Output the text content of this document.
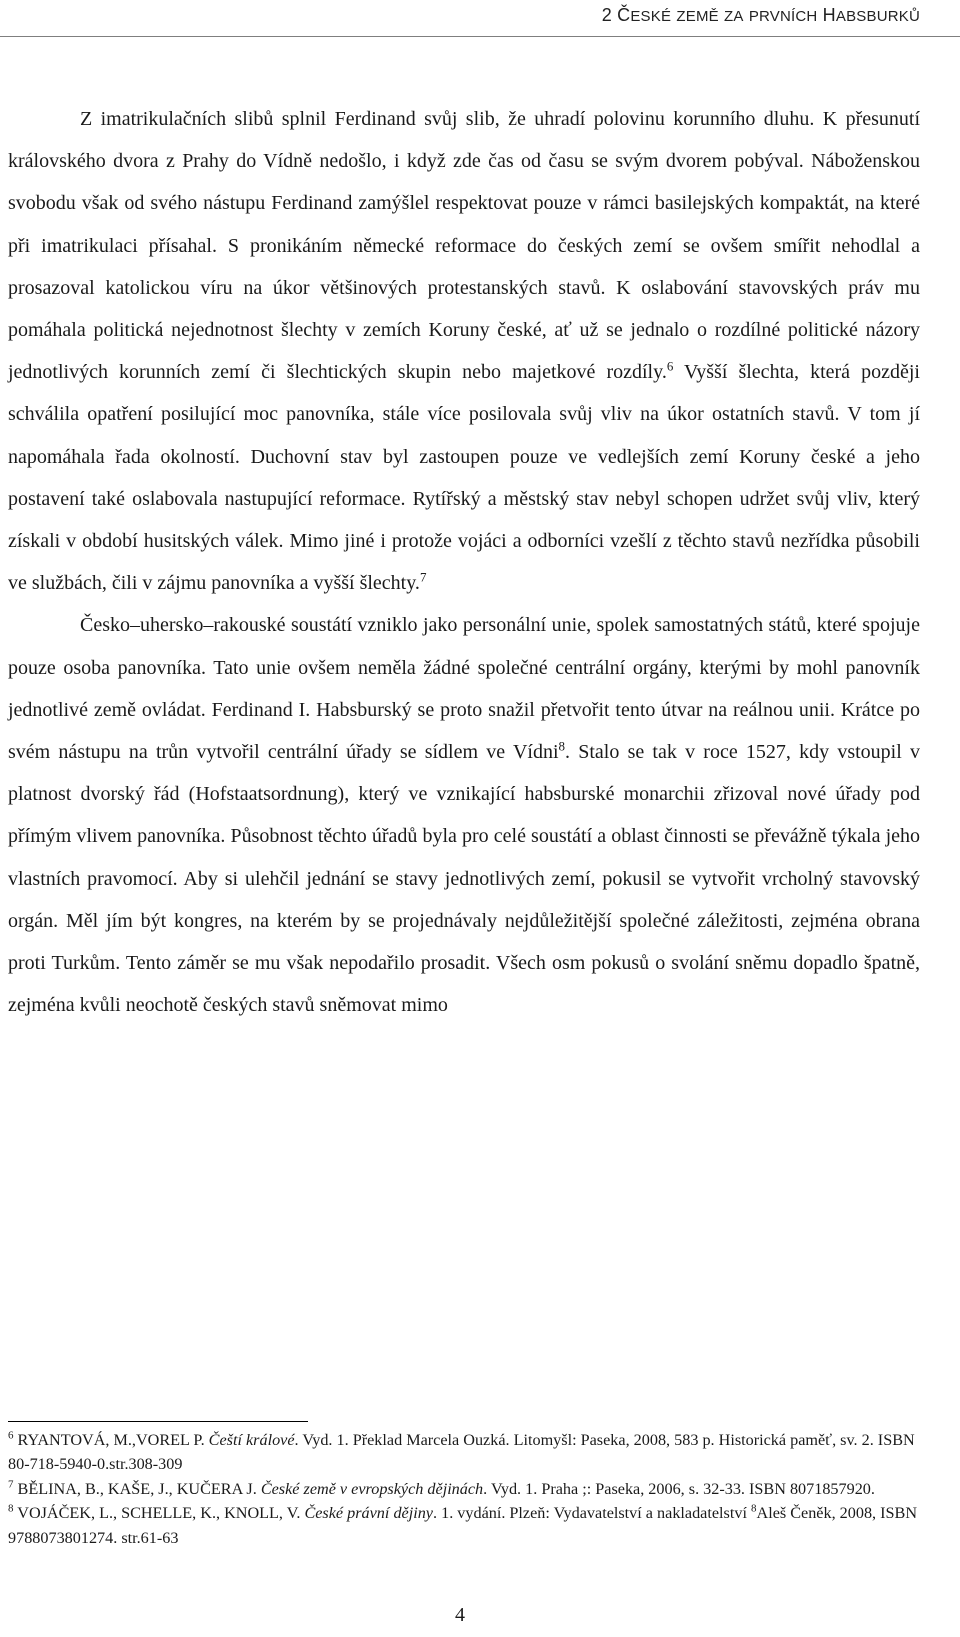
2 ČESKÉ ZEMĚ ZA PRVNÍCH HABSBURKŮ

Z imatrikulačních slibů splnil Ferdinand svůj slib, že uhradí polovinu korunního dluhu. K přesunutí královského dvora z Prahy do Vídně nedošlo, i když zde čas od času se svým dvorem pobýval. Náboženskou svobodu však od svého nástupu Ferdinand zamýšlel respektovat pouze v rámci basilejských kompaktát, na které při imatrikulaci přísahal. S pronikáním německé reformace do českých zemí se ovšem smířit nehodlal a prosazoval katolickou víru na úkor většinových protestanských stavů. K oslabování stavovských práv mu pomáhala politická nejednotnost šlechty v zemích Koruny české, ať už se jednalo o rozdílné politické názory jednotlivých korunních zemí či šlechtických skupin nebo majetkové rozdíly.$^6$ Vyšší šlechta, která později schválila opatření posilující moc panovníka, stále více posilovala svůj vliv na úkor ostatních stavů. V tom jí napomáhala řada okolností. Duchovní stav byl zastoupen pouze ve vedlejších zemí Koruny české a jeho postavení také oslabovala nastupující reformace. Rytířský a městský stav nebyl schopen udržet svůj vliv, který získali v období husitských válek. Mimo jiné i protože vojáci a odborníci vzešlí z těchto stavů nezřídka působili ve službách, čili v zájmu panovníka a vyšší šlechty.$^7$

Česko–uhersko–rakouské soustátí vzniklo jako personální unie, spolek samostatných států, které spojuje pouze osoba panovníka. Tato unie ovšem neměla žádné společné centrální orgány, kterými by mohl panovník jednotlivé země ovládat. Ferdinand I. Habsburský se proto snažil přetvořit tento útvar na reálnou unii. Krátce po svém nástupu na trůn vytvořil centrální úřady se sídlem ve Vídni$^8$. Stalo se tak v roce 1527, kdy vstoupil v platnost dvorský řád (Hofstaatsordnung), který ve vznikající habsburské monarchii zřizoval nové úřady pod přímým vlivem panovníka. Působnost těchto úřadů byla pro celé soustátí a oblast činnosti se převážně týkala jeho vlastních pravomocí. Aby si ulehčil jednání se stavy jednotlivých zemí, pokusil se vytvořit vrcholný stavovský orgán. Měl jím být kongres, na kterém by se projednávaly nejdůležitější společné záležitosti, zejména obrana proti Turkům. Tento záměr se mu však nepodařilo prosadit. Všech osm pokusů o svolání sněmu dopadlo špatně, zejména kvůli neochotě českých stavů sněmovat mimo

$^6$ RYANTOVÁ, M.,VOREL P. Čeští králové. Vyd. 1. Překlad Marcela Ouzká. Litomyšl: Paseka, 2008, 583 p. Historická paměť, sv. 2. ISBN 80-718-5940-0.str.308-309

$^7$ BĚLINA, B., KAŠE, J., KUČERA J. České země v evropských dějinách. Vyd. 1. Praha ;: Paseka, 2006, s. 32-33. ISBN 8071857920.

$^8$ VOJÁČEK, L., SCHELLE, K., KNOLL, V. České právní dějiny. 1. vydání. Plzeň: Vydavatelství a nakladatelství $^8$Aleš Čeněk, 2008, ISBN 9788073801274. str.61-63

4
